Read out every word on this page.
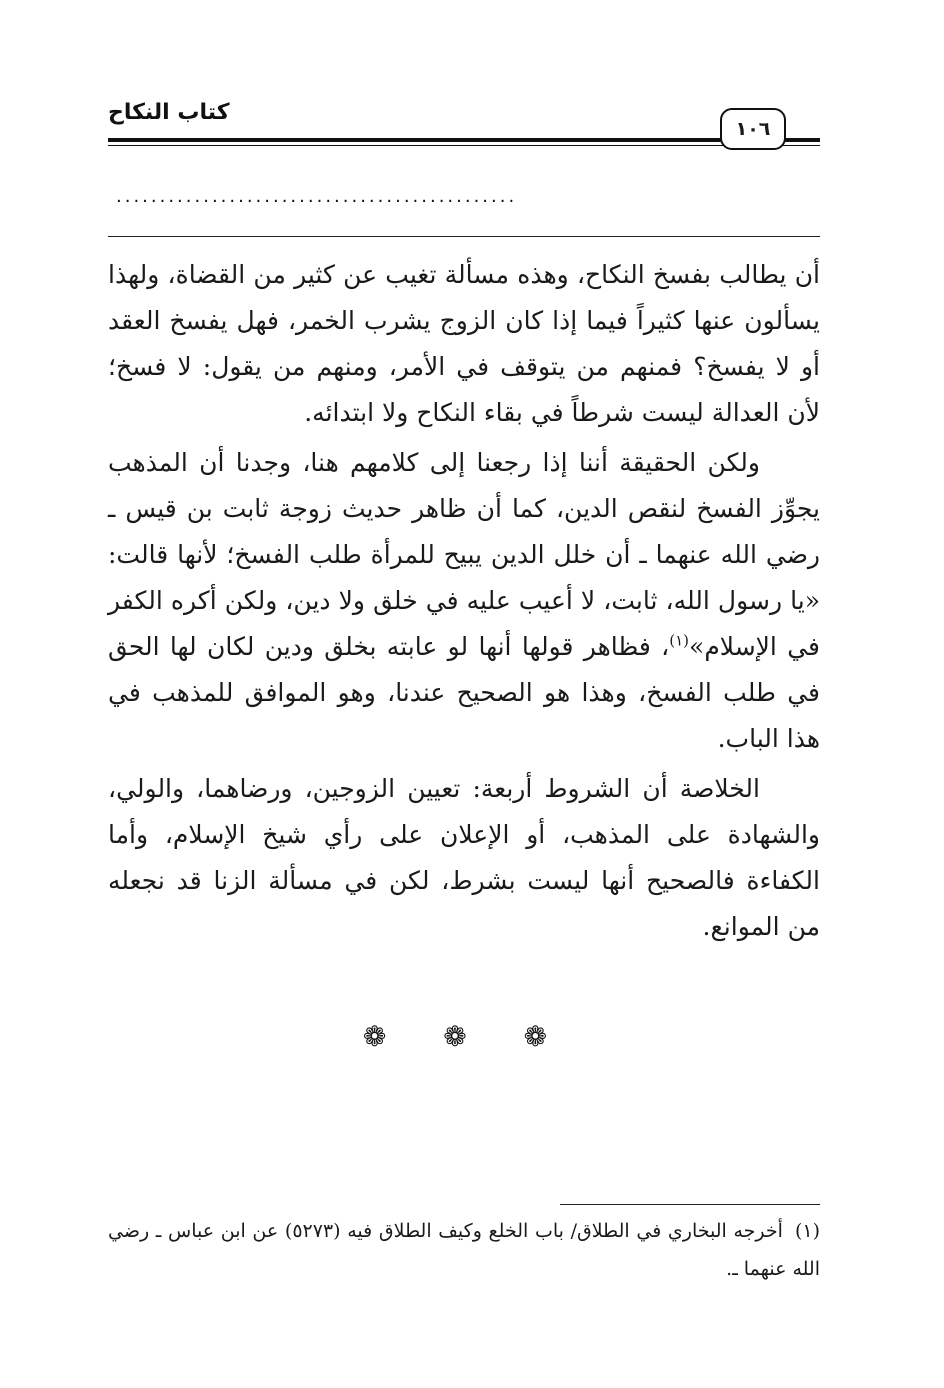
كتاب النكاح
١٠٦
..............................................

أن يطالب بفسخ النكاح، وهذه مسألة تغيب عن كثير من القضاة، ولهذا يسألون عنها كثيراً فيما إذا كان الزوج يشرب الخمر، فهل يفسخ العقد أو لا يفسخ؟ فمنهم من يتوقف في الأمر، ومنهم من يقول: لا فسخ؛ لأن العدالة ليست شرطاً في بقاء النكاح ولا ابتدائه.

ولكن الحقيقة أننا إذا رجعنا إلى كلامهم هنا، وجدنا أن المذهب يجوِّز الفسخ لنقص الدين، كما أن ظاهر حديث زوجة ثابت بن قيس ـ رضي الله عنهما ـ أن خلل الدين يبيح للمرأة طلب الفسخ؛ لأنها قالت: «يا رسول الله، ثابت، لا أعيب عليه في خلق ولا دين، ولكن أكره الكفر في الإسلام»$^{(١)}$، فظاهر قولها أنها لو عابته بخلق ودين لكان لها الحق في طلب الفسخ، وهذا هو الصحيح عندنا، وهو الموافق للمذهب في هذا الباب.

الخلاصة أن الشروط أربعة: تعيين الزوجين، ورضاهما، والولي، والشهادة على المذهب، أو الإعلان على رأي شيخ الإسلام، وأما الكفاءة فالصحيح أنها ليست بشرط، لكن في مسألة الزنا قد نجعله من الموانع.

❁ ❁ ❁
(١)أخرجه البخاري في الطلاق/ باب الخلع وكيف الطلاق فيه (٥٢٧٣) عن ابن عباس ـ رضي الله عنهما ـ.
